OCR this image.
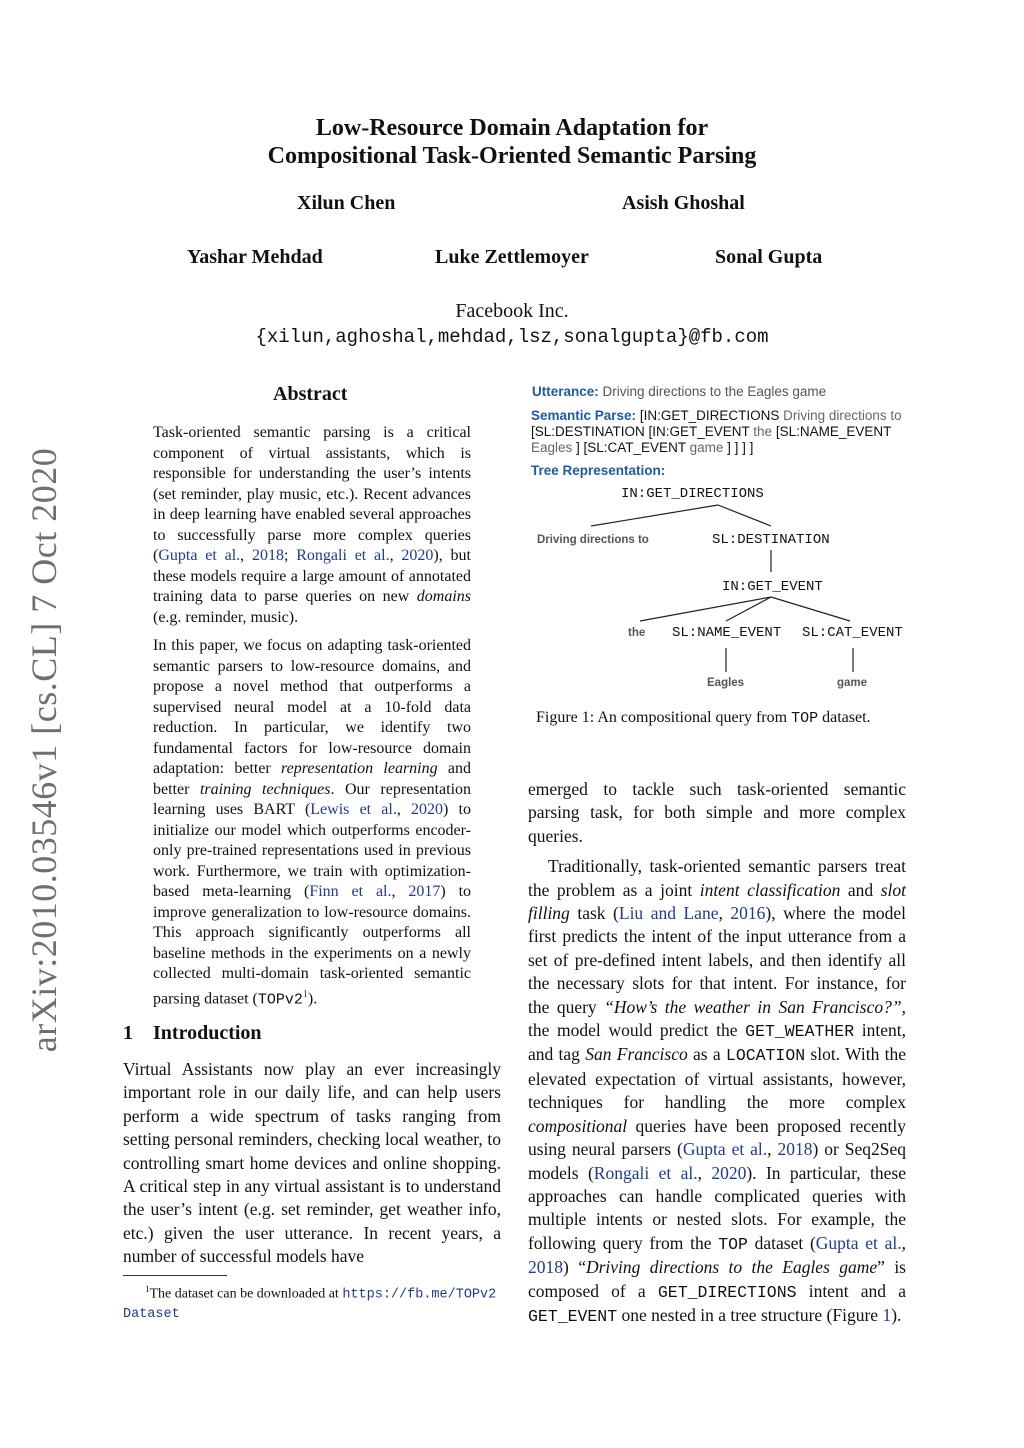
arXiv:2010.03546v1 [cs.CL] 7 Oct 2020
Low-Resource Domain Adaptation for
Compositional Task-Oriented Semantic Parsing
Xilun Chen	Asish Ghoshal
Yashar Mehdad	Luke Zettlemoyer	Sonal Gupta
Facebook Inc.
{xilun,aghoshal,mehdad,lsz,sonalgupta}@fb.com
Abstract
Task-oriented semantic parsing is a critical component of virtual assistants, which is responsible for understanding the user’s intents (set reminder, play music, etc.). Recent advances in deep learning have enabled several approaches to successfully parse more complex queries (Gupta et al., 2018; Rongali et al., 2020), but these models require a large amount of annotated training data to parse queries on new domains (e.g. reminder, music).
In this paper, we focus on adapting task-oriented semantic parsers to low-resource domains, and propose a novel method that outperforms a supervised neural model at a 10-fold data reduction. In particular, we identify two fundamental factors for low-resource domain adaptation: better representation learning and better training techniques. Our representation learning uses BART (Lewis et al., 2020) to initialize our model which outperforms encoder-only pre-trained representations used in previous work. Furthermore, we train with optimization-based meta-learning (Finn et al., 2017) to improve generalization to low-resource domains. This approach significantly outperforms all baseline methods in the experiments on a newly collected multi-domain task-oriented semantic parsing dataset $(TOPv2^1)$.
1 Introduction
Virtual Assistants now play an ever increasingly important role in our daily life, and can help users perform a wide spectrum of tasks ranging from setting personal reminders, checking local weather, to controlling smart home devices and online shopping. A critical step in any virtual assistant is to understand the user’s intent (e.g. set reminder, get weather info, etc.) given the user utterance. In recent years, a number of successful models have
$^1$The dataset can be downloaded at https://fb.me/TOPv2Dataset
Utterance: Driving directions to the Eagles game
Semantic Parse: [IN:GET_DIRECTIONS Driving directions to [SL:DESTINATION [IN:GET_EVENT the [SL:NAME_EVENT Eagles ] [SL:CAT_EVENT game ] ] ] ]
Tree Representation:
IN:GET_DIRECTIONS
Driving directions to	SL:DESTINATION
IN:GET_EVENT
the SL:NAME_EVENT SL:CAT_EVENT
Eagles	game
Figure 1: An compositional query from TOP dataset.

emerged to tackle such task-oriented semantic parsing task, for both simple and more complex queries.

Traditionally, task-oriented semantic parsers treat the problem as a joint intent classification and slot filling task (Liu and Lane, 2016), where the model first predicts the intent of the input utterance from a set of pre-defined intent labels, and then identify all the necessary slots for that intent. For instance, for the query “How’s the weather in San Francisco?”, the model would predict the GET_WEATHER intent, and tag San Francisco as a LOCATION slot. With the elevated expectation of virtual assistants, however, techniques for handling the more complex compositional queries have been proposed recently using neural parsers (Gupta et al., 2018) or Seq2Seq models (Rongali et al., 2020). In particular, these approaches can handle complicated queries with multiple intents or nested slots. For example, the following query from the TOP dataset (Gupta et al., 2018) “Driving directions to the Eagles game” is composed of a GET_DIRECTIONS intent and a GET_EVENT one nested in a tree structure (Figure 1).
